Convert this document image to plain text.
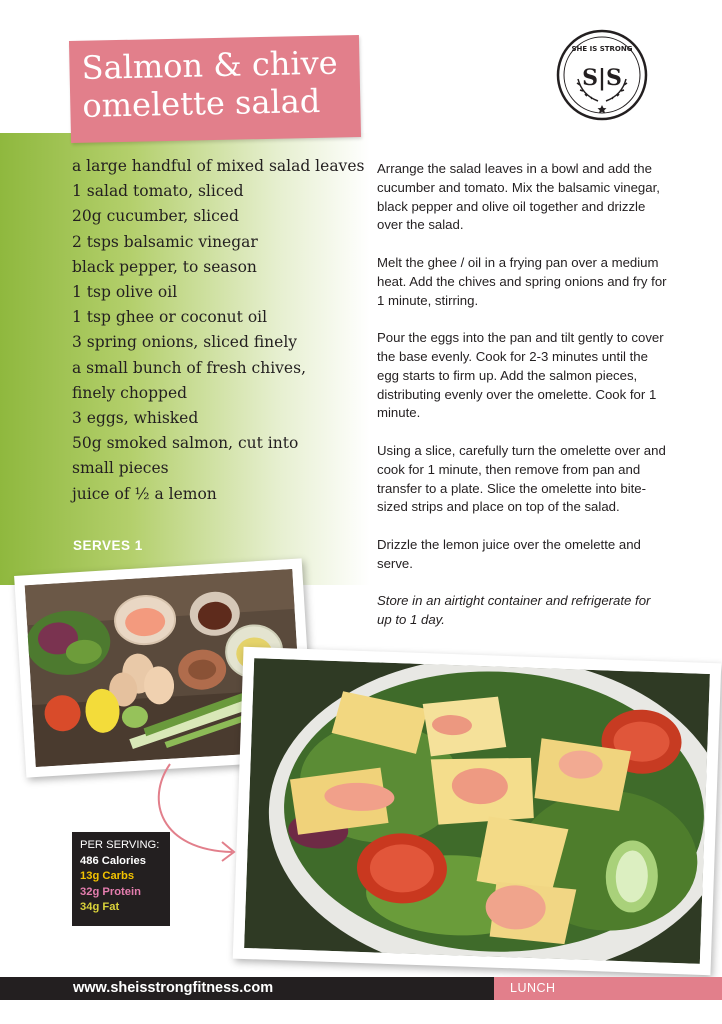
Salmon & chive omelette salad
SHE IS STRONG
S|S
a large handful of mixed salad leaves
1 salad tomato, sliced
20g cucumber, sliced
2 tsps balsamic vinegar
black pepper, to season
1 tsp olive oil
1 tsp ghee or coconut oil
3 spring onions, sliced finely
a small bunch of fresh chives,
finely chopped
3 eggs, whisked
50g smoked salmon, cut into
small pieces
juice of ½ a lemon
SERVES 1

Arrange the salad leaves in a bowl and add the cucumber and tomato. Mix the balsamic vinegar, black pepper and olive oil together and drizzle over the salad.

Melt the ghee / oil in a frying pan over a medium heat. Add the chives and spring onions and fry for 1 minute, stirring.

Pour the eggs into the pan and tilt gently to cover the base evenly. Cook for 2-3 minutes until the egg starts to firm up. Add the salmon pieces, distributing evenly over the omelette. Cook for 1 minute.

Using a slice, carefully turn the omelette over and cook for 1 minute, then remove from pan and transfer to a plate. Slice the omelette into bite-sized strips and place on top of the salad.

Drizzle the lemon juice over the omelette and serve.

Store in an airtight container and refrigerate for up to 1 day.

PER SERVING:
486 Calories
13g Carbs
32g Protein
34g Fat
www.sheisstrongfitness.com	LUNCH
